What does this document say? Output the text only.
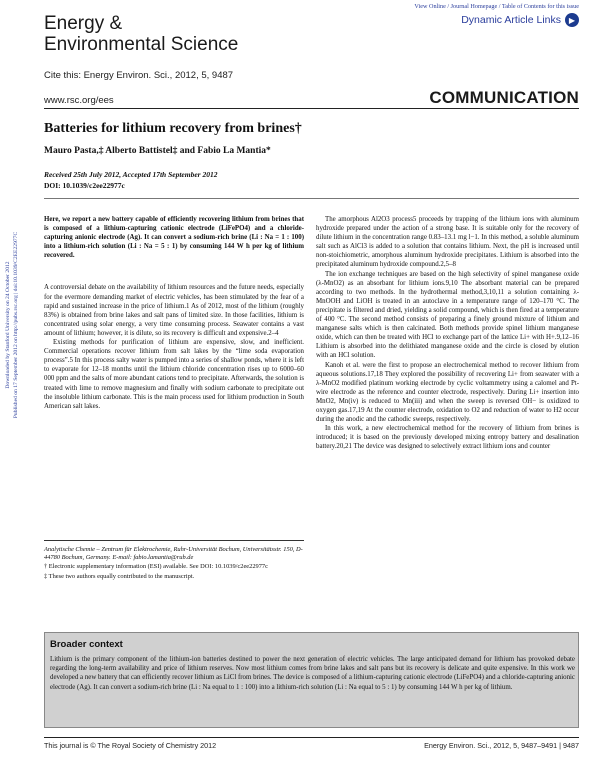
View Online / Journal Homepage / Table of Contents for this issue
Energy &
Environmental Science
Dynamic Article Links ▶
Cite this: Energy Environ. Sci., 2012, 5, 9487
www.rsc.org/ees	COMMUNICATION
Batteries for lithium recovery from brines†
Mauro Pasta,‡ Alberto Battistel‡ and Fabio La Mantia*
Received 25th July 2012, Accepted 17th September 2012
DOI: 10.1039/c2ee22977c
Downloaded by Stanford University on 24 October 2012 Published on 17 September 2012 on http://pubs.rsc.org | doi:10.1039/C2EE22977C

Here, we report a new battery capable of efficiently recovering lithium from brines that is composed of a lithium-capturing cationic electrode (LiFePO4) and a chloride-capturing anionic electrode (Ag). It can convert a sodium-rich brine (Li : Na = 1 : 100) into a lithium-rich solution (Li : Na = 5 : 1) by consuming 144 W h per kg of lithium recovered.

A controversial debate on the availability of lithium resources and the future needs, especially for the evermore demanding market of electric vehicles, has been stimulated by the fear of a rapid and sustained increase in the price of lithium.1 As of 2012, most of the lithium (roughly 83%) is obtained from brine lakes and salt pans of limited size. In those facilities, lithium is concentrated using solar energy, a very time consuming process. Seawater contains a vast amount of lithium; however, it is dilute, so its recovery is difficult and expensive.2–4

Existing methods for purification of lithium are expensive, slow, and inefficient. Commercial operations recover lithium from salt lakes by the “lime soda evaporation process”.5 In this process salty water is pumped into a series of shallow ponds, where it is left to evaporate for 12–18 months until the lithium chloride concentration rises up to 6000–60 000 ppm and the salts of more abundant cations tend to precipitate. Afterwards, the solution is treated with lime to remove magnesium and finally with sodium carbonate to precipitate out the insoluble lithium carbonate. This is the main process used for lithium production in South American salt lakes.

Analytische Chemie – Zentrum für Elektrochemie, Ruhr-Universität Bochum, Universitätsstr. 150, D-44780 Bochum, Germany. E-mail: fabio.lamantia@rub.de

† Electronic supplementary information (ESI) available. See DOI: 10.1039/c2ee22977c

‡ These two authors equally contributed to the manuscript.

The amorphous Al2O3 process5 proceeds by trapping of the lithium ions with aluminum hydroxide prepared under the action of a strong base. It is suitable only for the recovery of dilute lithium in the concentration range 0.83–13.1 mg l−1. In this method, a soluble aluminum salt such as AlCl3 is added to a solution that contains lithium. Next, the pH is increased until non-stoichiometric, amorphous aluminum hydroxide precipitates. Lithium is absorbed into the precipitated aluminum hydroxide compound.2,5–8

The ion exchange techniques are based on the high selectivity of spinel manganese oxide (λ-MnO2) as an absorbant for lithium ions.9,10 The absorbant material can be prepared according to two methods. In the hydrothermal method,3,10,11 a solution containing λ-MnOOH and LiOH is treated in an autoclave in a temperature range of 120–170 °C. The precipitate is filtered and dried, yielding a solid compound, which is then fired at a temperature of 400 °C. The second method consists of preparing a finely ground mixture of lithium and manganese salts which is then calcinated. Both methods provide spinel lithium manganese oxide, which can then be treated with HCl to exchange part of the lattice Li+ with H+.9,12–16 Lithium is absorbed into the delithiated manganese oxide and the circle is closed by elution with an HCl solution.

Kanoh et al. were the first to propose an electrochemical method to recover lithium from aqueous solutions.17,18 They explored the possibility of recovering Li+ from seawater with a λ-MnO2 modified platinum working electrode by cyclic voltammetry using a calomel and Pt-wire electrode as the reference and counter electrode, respectively. During Li+ insertion into MnO2, Mn(iv) is reduced to Mn(iii) and when the sweep is reversed OH− is oxidized to oxygen gas.17,19 At the counter electrode, oxidation to O2 and reduction of water to H2 occur during the anodic and the cathodic sweeps, respectively.

In this work, a new electrochemical method for the recovery of lithium from brines is introduced; it is based on the previously developed mixing entropy battery and desalination battery.20,21 The device was designed to selectively extract lithium ions and counter

Broader context

Lithium is the primary component of the lithium-ion batteries destined to power the next generation of electric vehicles. The large anticipated demand for lithium has provoked debate regarding the long-term availability and price of lithium reserves. Now most lithium comes from brine lakes and salt pans but its recovery is delicate and quite expensive. In this work we developed a new battery that can efficiently recover lithium as LiCl from brines. The device is composed of a lithium-capturing cationic electrode (LiFePO4) and a chloride-capturing anionic electrode (Ag). It can convert a sodium-rich brine (Li : Na equal to 1 : 100) into a lithium-rich solution (Li : Na equal to 5 : 1) by consuming 144 W h per kg of lithium.

This journal is © The Royal Society of Chemistry 2012	Energy Environ. Sci., 2012, 5, 9487–9491 | 9487
